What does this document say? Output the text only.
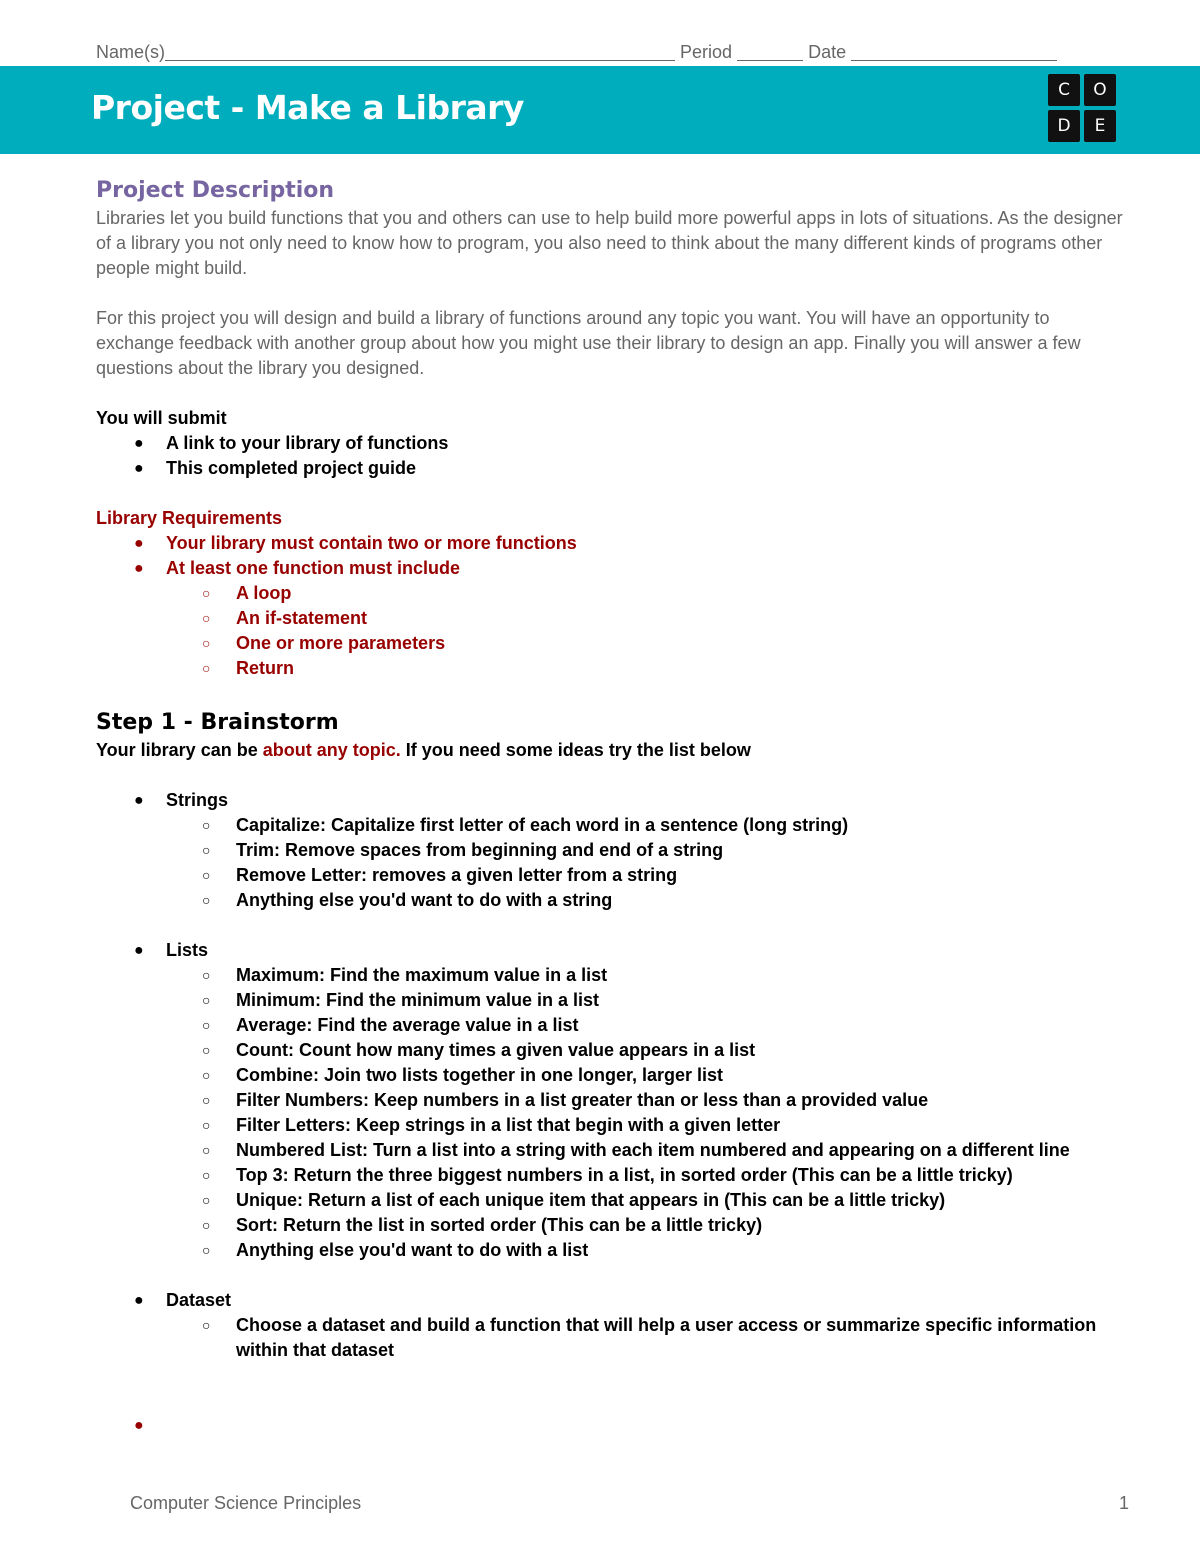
Name(s)	Period	Date
Project - Make a Library	C	O
D	E
Project Description

Libraries let you build functions that you and others can use to help build more powerful apps in lots of situations. As the designer of a library you not only need to know how to program, you also need to think about the many different kinds of programs other people might build.

For this project you will design and build a library of functions around any topic you want. You will have an opportunity to exchange feedback with another group about how you might use their library to design an app. Finally you will answer a few questions about the library you designed.

You will submit

● A link to your library of functions
● This completed project guide

Library Requirements

● Your library must contain two or more functions
● At least one function must include
○ A loop
○ An if-statement
○ One or more parameters
○ Return
Step 1 - Brainstorm

Your library can be about any topic. If you need some ideas try the list below

● Strings
○ Capitalize: Capitalize first letter of each word in a sentence (long string)
○ Trim: Remove spaces from beginning and end of a string
○ Remove Letter: removes a given letter from a string
○ Anything else you'd want to do with a string
● Lists
○ Maximum: Find the maximum value in a list
○ Minimum: Find the minimum value in a list
○ Average: Find the average value in a list
○ Count: Count how many times a given value appears in a list
○ Combine: Join two lists together in one longer, larger list
○ Filter Numbers: Keep numbers in a list greater than or less than a provided value
○ Filter Letters: Keep strings in a list that begin with a given letter
○ Numbered List: Turn a list into a string with each item numbered and appearing on a different line
○ Top 3: Return the three biggest numbers in a list, in sorted order (This can be a little tricky)
○ Unique: Return a list of each unique item that appears in (This can be a little tricky)
○ Sort: Return the list in sorted order (This can be a little tricky)
○ Anything else you'd want to do with a list
● Dataset
○ Choose a dataset and build a function that will help a user access or summarize specific information within that dataset
●

Computer Science Principles	1
